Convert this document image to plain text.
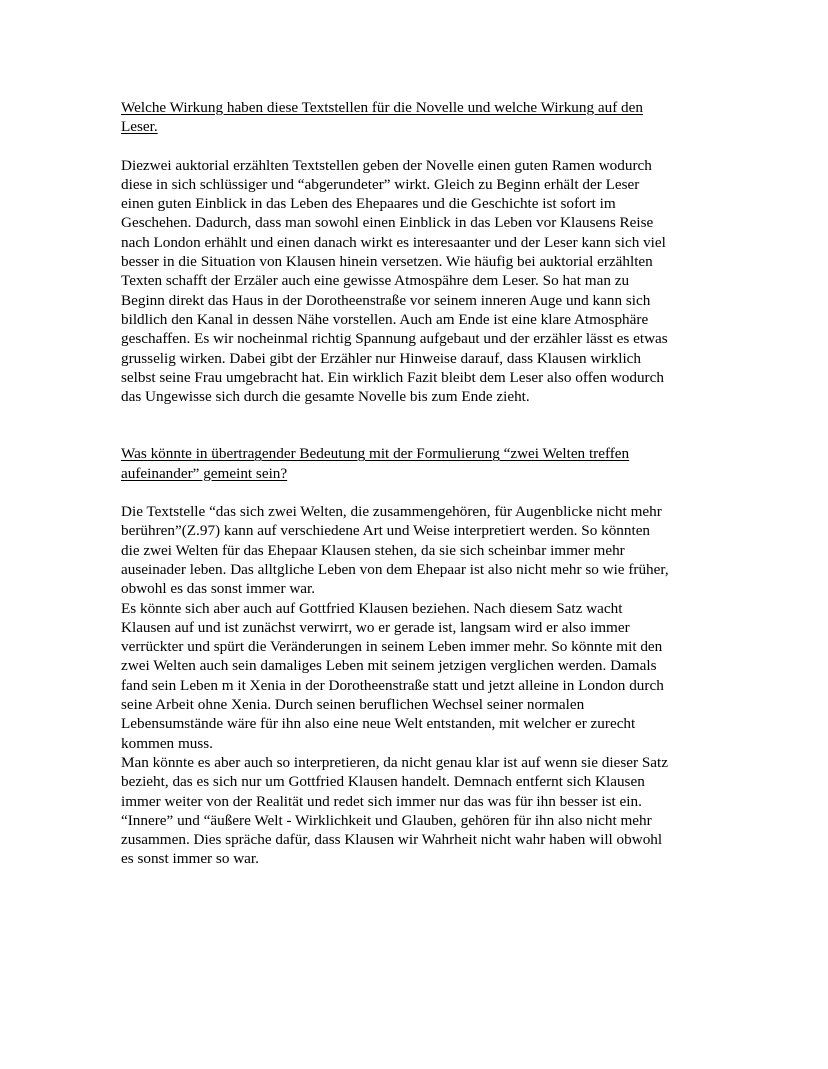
Welche Wirkung haben diese Textstellen für die Novelle und welche Wirkung auf den
Leser.
Diezwei auktorial erzählten Textstellen geben der Novelle einen guten Ramen wodurch
diese in sich schlüssiger und “abgerundeter” wirkt. Gleich zu Beginn erhält der Leser
einen guten Einblick in das Leben des Ehepaares und die Geschichte ist sofort im
Geschehen. Dadurch, dass man sowohl einen Einblick in das Leben vor Klausens Reise
nach London erhählt und einen danach wirkt es interesaanter und der Leser kann sich viel
besser in die Situation von Klausen hinein versetzen. Wie häufig bei auktorial erzählten
Texten schafft der Erzäler auch eine gewisse Atmospähre dem Leser. So hat man zu
Beginn direkt das Haus in der Dorotheenstraße vor seinem inneren Auge und kann sich
bildlich den Kanal in dessen Nähe vorstellen. Auch am Ende ist eine klare Atmosphäre
geschaffen. Es wir nocheinmal richtig Spannung aufgebaut und der erzähler lässt es etwas
grusselig wirken. Dabei gibt der Erzähler nur Hinweise darauf, dass Klausen wirklich
selbst seine Frau umgebracht hat. Ein wirklich Fazit bleibt dem Leser also offen wodurch
das Ungewisse sich durch die gesamte Novelle bis zum Ende zieht.
Was könnte in übertragender Bedeutung mit der Formulierung “zwei Welten treffen
aufeinander” gemeint sein?
Die Textstelle “das sich zwei Welten, die zusammengehören, für Augenblicke nicht mehr
berühren”(Z.97) kann auf verschiedene Art und Weise interpretiert werden. So könnten
die zwei Welten für das Ehepaar Klausen stehen, da sie sich scheinbar immer mehr
auseinader leben. Das alltgliche Leben von dem Ehepaar ist also nicht mehr so wie früher,
obwohl es das sonst immer war.
Es könnte sich aber auch auf Gottfried Klausen beziehen. Nach diesem Satz wacht
Klausen auf und ist zunächst verwirrt, wo er gerade ist, langsam wird er also immer
verrückter und spürt die Veränderungen in seinem Leben immer mehr. So könnte mit den
zwei Welten auch sein damaliges Leben mit seinem jetzigen verglichen werden. Damals
fand sein Leben m it Xenia in der Dorotheenstraße statt und jetzt alleine in London durch
seine Arbeit ohne Xenia. Durch seinen beruflichen Wechsel seiner normalen
Lebensumstände wäre für ihn also eine neue Welt entstanden, mit welcher er zurecht
kommen muss.
Man könnte es aber auch so interpretieren, da nicht genau klar ist auf wenn sie dieser Satz
bezieht, das es sich nur um Gottfried Klausen handelt. Demnach entfernt sich Klausen
immer weiter von der Realität und redet sich immer nur das was für ihn besser ist ein.
“Innere” und “äußere Welt - Wirklichkeit und Glauben, gehören für ihn also nicht mehr
zusammen. Dies spräche dafür, dass Klausen wir Wahrheit nicht wahr haben will obwohl
es sonst immer so war.
